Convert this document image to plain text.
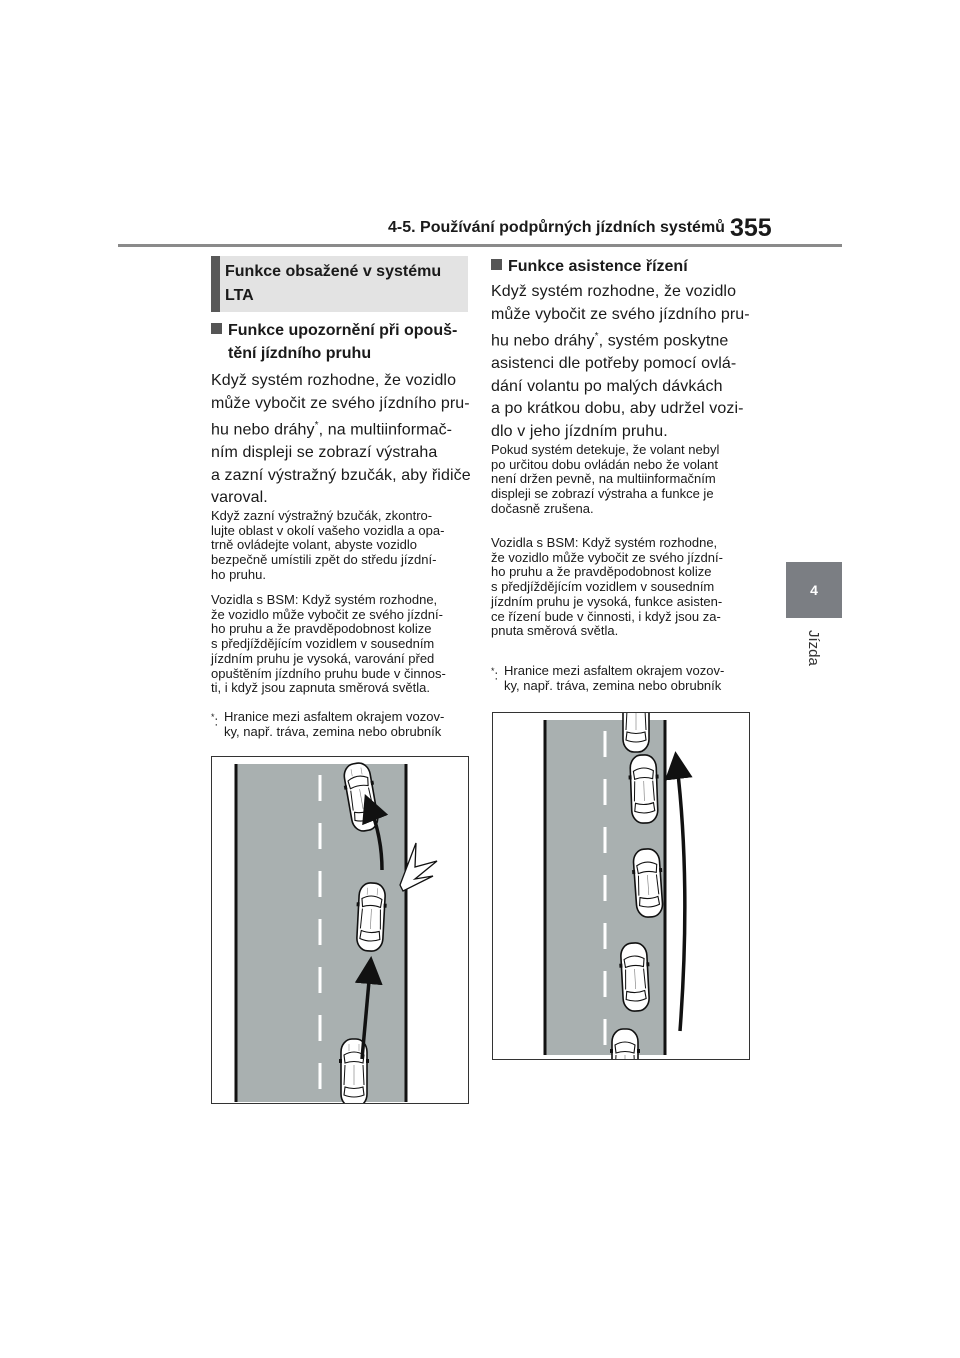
4-5. Používání podpůrných jízdních systémů 355
4
Jízda
Funkce obsažené v systému
LTA
Funkce upozornění při opouš-
tění jízdního pruhu
Když systém rozhodne, že vozidlo
může vybočit ze svého jízdního pru-
hu nebo dráhy*, na multiinformač-
ním displeji se zobrazí výstraha
a zazní výstražný bzučák, aby řidiče
varoval.
Když zazní výstražný bzučák, zkontro-
lujte oblast v okolí vašeho vozidla a opa-
trně ovládejte volant, abyste vozidlo
bezpečně umístili zpět do středu jízdní-
ho pruhu.
Vozidla s BSM: Když systém rozhodne,
že vozidlo může vybočit ze svého jízdní-
ho pruhu a že pravděpodobnost kolize
s předjíždějícím vozidlem v sousedním
jízdním pruhu je vysoká, varování před
opuštěním jízdního pruhu bude v činnos-
ti, i když jsou zapnuta směrová světla.
*: Hranice mezi asfaltem okrajem vozov-
ky, např. tráva, zemina nebo obrubník
Funkce asistence řízení
Když systém rozhodne, že vozidlo
může vybočit ze svého jízdního pru-
hu nebo dráhy*, systém poskytne
asistenci dle potřeby pomocí ovlá-
dání volantu po malých dávkách
a po krátkou dobu, aby udržel vozi-
dlo v jeho jízdním pruhu.
Pokud systém detekuje, že volant nebyl
po určitou dobu ovládán nebo že volant
není držen pevně, na multiinformačním
displeji se zobrazí výstraha a funkce je
dočasně zrušena.
Vozidla s BSM: Když systém rozhodne,
že vozidlo může vybočit ze svého jízdní-
ho pruhu a že pravděpodobnost kolize
s předjíždějícím vozidlem v sousedním
jízdním pruhu je vysoká, funkce asisten-
ce řízení bude v činnosti, i když jsou za-
pnuta směrová světla.
*: Hranice mezi asfaltem okrajem vozov-
ky, např. tráva, zemina nebo obrubník
